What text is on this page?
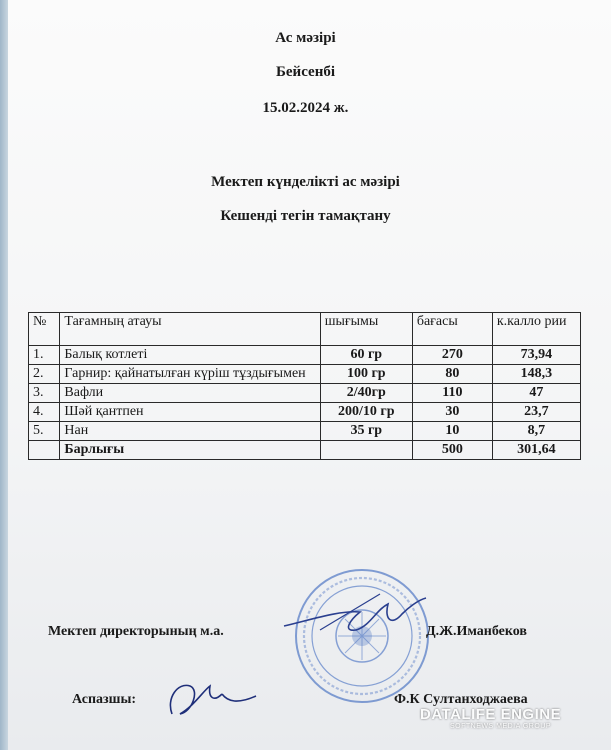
Ас мәзірі
Бейсенбі
15.02.2024 ж.
Мектеп күнделікті ас мәзірі
Кешенді тегін тамақтану
№	Тағамның атауы	шығымы	бағасы	к.калло рии
1.	Балық котлеті	60 гр	270	73,94
2.	Гарнир: қайнатылған күріш тұздығымен	100 гр	80	148,3
3.	Вафли	2/40гр	110	47
4.	Шәй қантпен	200/10 гр	30	23,7
5.	Нан	35 гр	10	8,7
	Барлығы		500	301,64
Мектеп директорының м.а.	Д.Ж.Иманбеков
Аспазшы:	Ф.К Султанходжаева
DATALIFE ENGINE
SOFTNEWS MEDIA GROUP
